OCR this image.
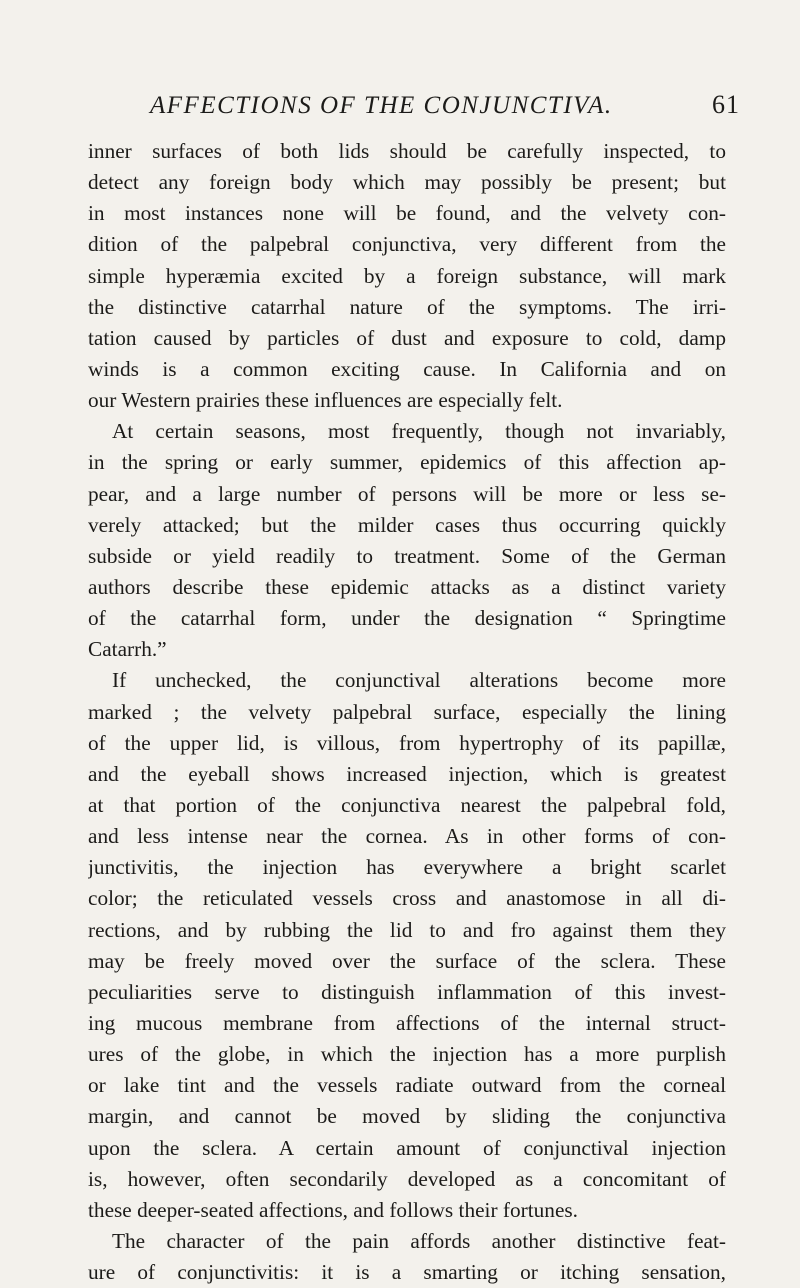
AFFECTIONS OF THE CONJUNCTIVA.	61
inner surfaces of both lids should be carefully inspected, to
detect any foreign body which may possibly be present; but
in most instances none will be found, and the velvety con-
dition of the palpebral conjunctiva, very different from the
simple hyperæmia excited by a foreign substance, will mark
the distinctive catarrhal nature of the symptoms. The irri-
tation caused by particles of dust and exposure to cold, damp
winds is a common exciting cause. In California and on
our Western prairies these influences are especially felt.
At certain seasons, most frequently, though not invariably,
in the spring or early summer, epidemics of this affection ap-
pear, and a large number of persons will be more or less se-
verely attacked; but the milder cases thus occurring quickly
subside or yield readily to treatment. Some of the German
authors describe these epidemic attacks as a distinct variety
of the catarrhal form, under the designation “ Springtime
Catarrh.”
If unchecked, the conjunctival alterations become more
marked ; the velvety palpebral surface, especially the lining
of the upper lid, is villous, from hypertrophy of its papillæ,
and the eyeball shows increased injection, which is greatest
at that portion of the conjunctiva nearest the palpebral fold,
and less intense near the cornea. As in other forms of con-
junctivitis, the injection has everywhere a bright scarlet
color; the reticulated vessels cross and anastomose in all di-
rections, and by rubbing the lid to and fro against them they
may be freely moved over the surface of the sclera. These
peculiarities serve to distinguish inflammation of this invest-
ing mucous membrane from affections of the internal struct-
ures of the globe, in which the injection has a more purplish
or lake tint and the vessels radiate outward from the corneal
margin, and cannot be moved by sliding the conjunctiva
upon the sclera. A certain amount of conjunctival injection
is, however, often secondarily developed as a concomitant of
these deeper-seated affections, and follows their fortunes.
The character of the pain affords another distinctive feat-
ure of conjunctivitis: it is a smarting or itching sensation,
